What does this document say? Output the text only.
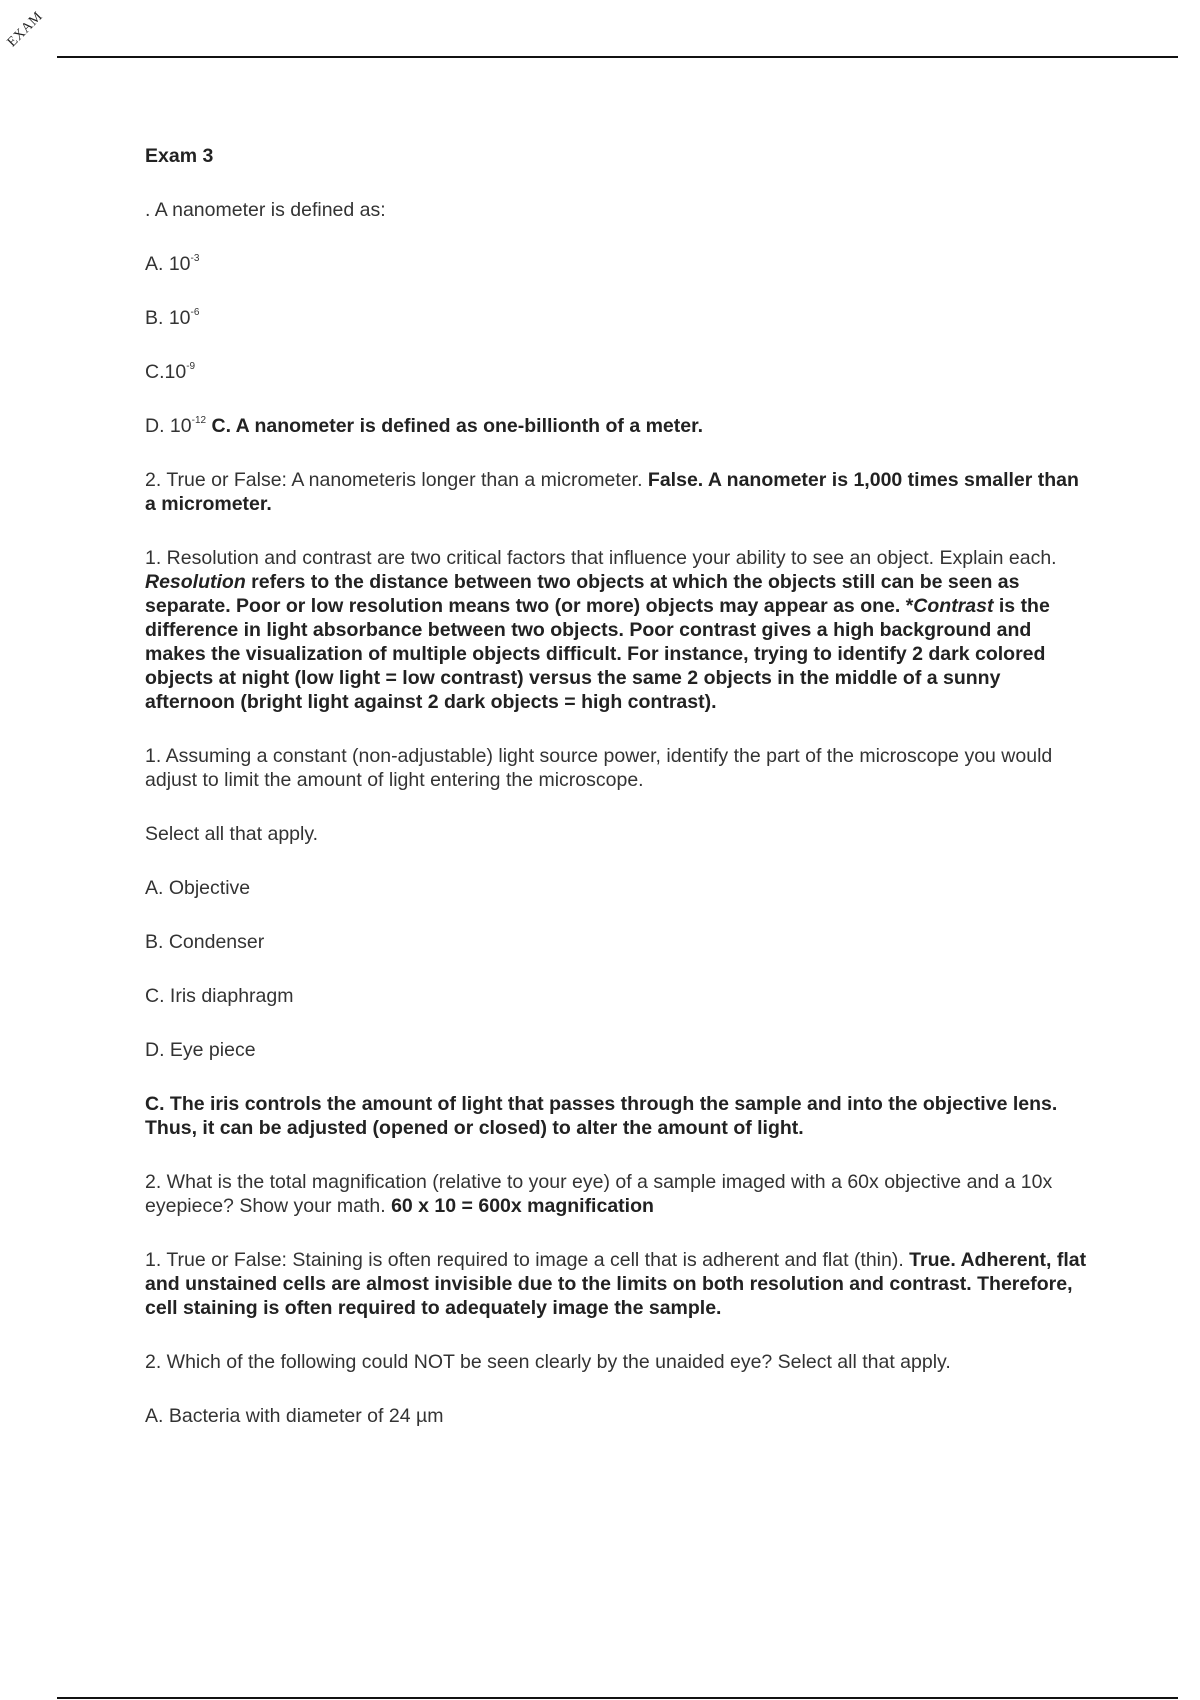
EXAM
Exam 3

. A nanometer is defined as:

A. $10^{-3}$

B. $10^{-6}$

$C.10^{-9}$

D. $10^{-12}$ C. A nanometer is defined as one-billionth of a meter.

2. True or False: A nanometeris longer than a micrometer. False. A nanometer is 1,000 times smaller than a micrometer.

1. Resolution and contrast are two critical factors that influence your ability to see an object. Explain each. Resolution refers to the distance between two objects at which the objects still can be seen as separate. Poor or low resolution means two (or more) objects may appear as one. *Contrast is the difference in light absorbance between two objects. Poor contrast gives a high background and makes the visualization of multiple objects difficult. For instance, trying to identify 2 dark colored objects at night (low light = low contrast) versus the same 2 objects in the middle of a sunny afternoon (bright light against 2 dark objects = high contrast).

1. Assuming a constant (non-adjustable) light source power, identify the part of the microscope you would adjust to limit the amount of light entering the microscope.

Select all that apply.

A. Objective

B. Condenser

C. Iris diaphragm

D. Eye piece

C. The iris controls the amount of light that passes through the sample and into the objective lens. Thus, it can be adjusted (opened or closed) to alter the amount of light.

2. What is the total magnification (relative to your eye) of a sample imaged with a 60x objective and a 10x eyepiece? Show your math. 60 x 10 = 600x magnification

1. True or False: Staining is often required to image a cell that is adherent and flat (thin). True. Adherent, flat and unstained cells are almost invisible due to the limits on both resolution and contrast. Therefore, cell staining is often required to adequately image the sample.

2. Which of the following could NOT be seen clearly by the unaided eye? Select all that apply.

A. Bacteria with diameter of 24 µm
